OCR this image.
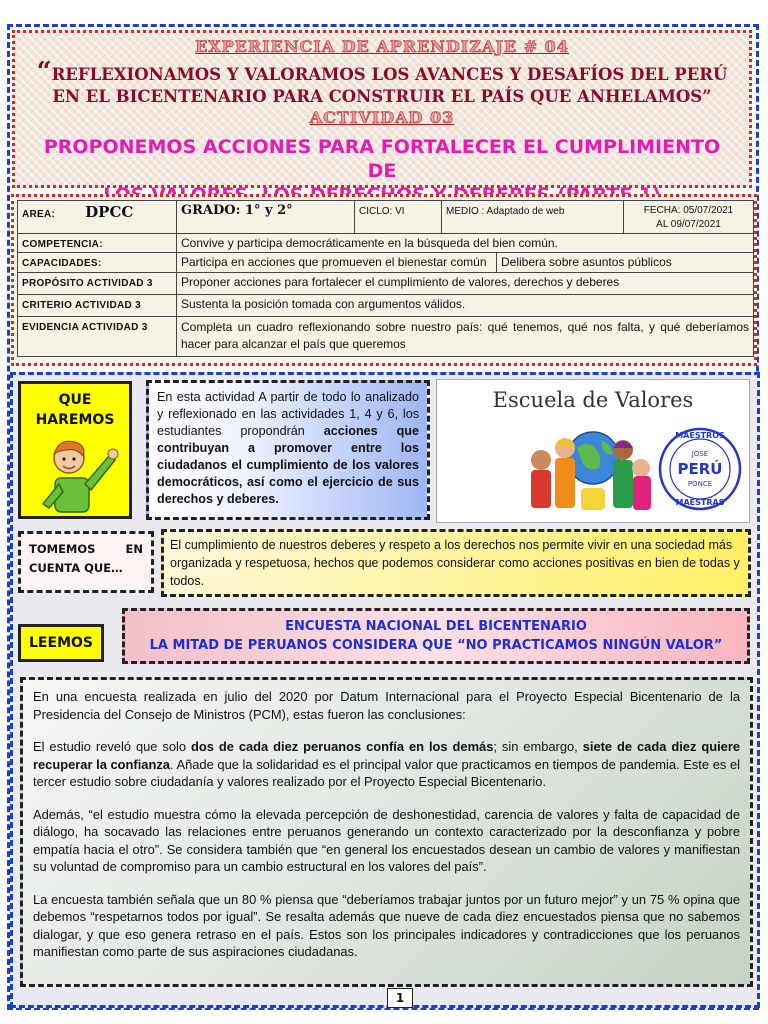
EXPERIENCIA DE APRENDIZAJE # 04
“REFLEXIONAMOS Y VALORAMOS LOS AVANCES Y DESAFÍOS DEL PERÚ
EN EL BICENTENARIO PARA CONSTRUIR EL PAÍS QUE ANHELAMOS”
ACTIVIDAD 03
PROPONEMOS ACCIONES PARA FORTALECER EL CUMPLIMIENTO DE

AREA: DPCC	GRADO: 1° y 2°	CICLO: VI	MEDIO : Adaptado de web		FECHA: 05/07/2021
AL 09/07/2021
COMPETENCIA:	Convive y participa democráticamente en la búsqueda del bien común.				
CAPACIDADES:	Participa en acciones que promueven el bienestar común			Delibera sobre asuntos públicos	
PROPÓSITO ACTIVIDAD 3	Proponer acciones para fortalecer el cumplimiento de valores, derechos y deberes				
CRITERIO ACTIVIDAD 3	Sustenta la posición tomada con argumentos válidos.				
EVIDENCIA ACTIVIDAD 3	Completa un cuadro reflexionando sobre nuestro país: qué tenemos, qué nos falta, y qué deberíamos hacer para alcanzar el país que queremos				
QUE
HAREMOS

En esta actividad A partir de todo lo analizado y reflexionado en las actividades 1, 4 y 6, los estudiantes propondrán acciones que contribuyan a promover entre los ciudadanos el cumplimiento de los valores democráticos, así como el ejercicio de sus derechos y deberes.

Escuela de Valores
MAESTROS
JOSÉ
PERÚ
PONCE
MAESTRAS
TOMEMOS EN CUENTA QUE…

El cumplimiento de nuestros deberes y respeto a los derechos nos permite vivir en una sociedad más organizada y respetuosa, hechos que podemos considerar como acciones positivas en bien de todas y todos.

LEEMOS
ENCUESTA NACIONAL DEL BICENTENARIO
LA MITAD DE PERUANOS CONSIDERA QUE “NO PRACTICAMOS NINGÚN VALOR”

En una encuesta realizada en julio del 2020 por Datum Internacional para el Proyecto Especial Bicentenario de la Presidencia del Consejo de Ministros (PCM), estas fueron las conclusiones:

El estudio reveló que solo dos de cada diez peruanos confía en los demás; sin embargo, siete de cada diez quiere recuperar la confianza. Añade que la solidaridad es el principal valor que practicamos en tiempos de pandemia. Este es el tercer estudio sobre ciudadanía y valores realizado por el Proyecto Especial Bicentenario.

Además, “el estudio muestra cómo la elevada percepción de deshonestidad, carencia de valores y falta de capacidad de diálogo, ha socavado las relaciones entre peruanos generando un contexto caracterizado por la desconfianza y pobre empatía hacia el otro”. Se considera también que “en general los encuestados desean un cambio de valores y manifiestan su voluntad de compromiso para un cambio estructural en los valores del país”.

La encuesta también señala que un 80 % piensa que “deberíamos trabajar juntos por un futuro mejor” y un 75 % opina que debemos “respetarnos todos por igual”. Se resalta además que nueve de cada diez encuestados piensa que no sabemos dialogar, y que eso genera retraso en el país. Estos son los principales indicadores y contradicciones que los peruanos manifiestan como parte de sus aspiraciones ciudadanas.

1
